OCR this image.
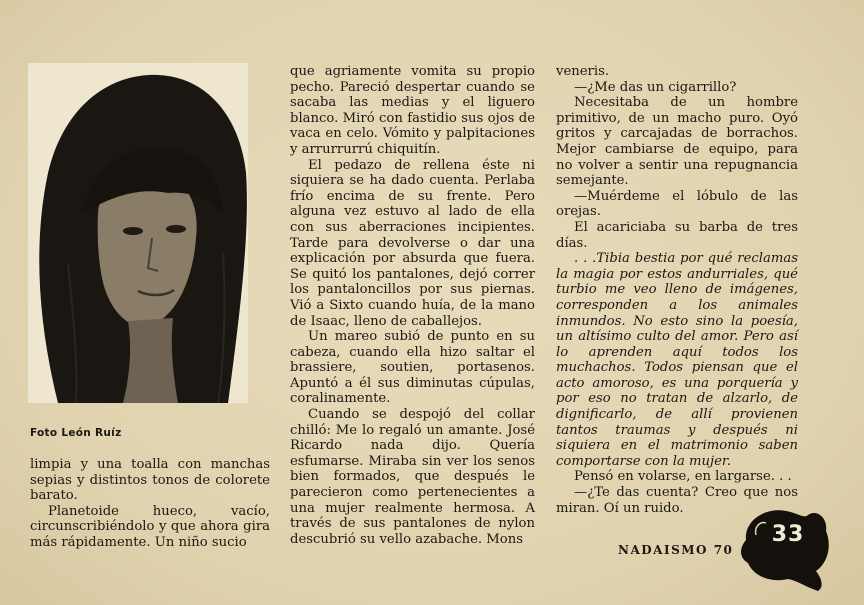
Foto León Ruíz

limpia y una toalla con manchas sepias y distintos tonos de colorete barato.

Planetoide hueco, vacío, circunscribiéndolo y que ahora gira más rápidamente. Un niño sucio

que agriamente vomita su propio pecho. Pareció despertar cuando se sacaba las medias y el liguero blanco. Miró con fastidio sus ojos de vaca en celo. Vómito y palpitaciones y arrurrurrú chiquitín.

El pedazo de rellena éste ni siquiera se ha dado cuenta. Perlaba frío encima de su frente. Pero alguna vez estuvo al lado de ella con sus aberraciones incipientes. Tarde para devolverse o dar una explicación por absurda que fuera. Se quitó los pantalones, dejó correr los pantaloncillos por sus piernas. Vió a Sixto cuando huía, de la mano de Isaac, lleno de caballejos.

Un mareo subió de punto en su cabeza, cuando ella hizo saltar el brassiere, soutien, portasenos. Apuntó a él sus diminutas cúpulas, coralinamente.

Cuando se despojó del collar chilló: Me lo regaló un amante. José Ricardo nada dijo. Quería esfumarse. Miraba sin ver los senos bien formados, que después le parecieron como pertenecientes a una mujer realmente hermosa. A través de sus pantalones de nylon descubrió su vello azabache. Mons

veneris.

—¿Me das un cigarrillo?

Necesitaba de un hombre primitivo, de un macho puro. Oyó gritos y carcajadas de borrachos. Mejor cambiarse de equipo, para no volver a sentir una repugnancia semejante.

—Muérdeme el lóbulo de las orejas.

El acariciaba su barba de tres días.

. . .Tibia bestia por qué reclamas la magia por estos andurriales, qué turbio me veo lleno de imágenes, corresponden a los animales inmundos. No esto sino la poesía, un altísimo culto del amor. Pero así lo aprenden aquí todos los muchachos. Todos piensan que el acto amoroso, es una porquería y por eso no tratan de alzarlo, de dignificarlo, de allí provienen tantos traumas y después ni siquiera en el matrimonio saben comportarse con la mujer.

Pensó en volarse, en largarse. . .

—¿Te das cuenta? Creo que nos miran. Oí un ruido.

NADAISMO 70
33
